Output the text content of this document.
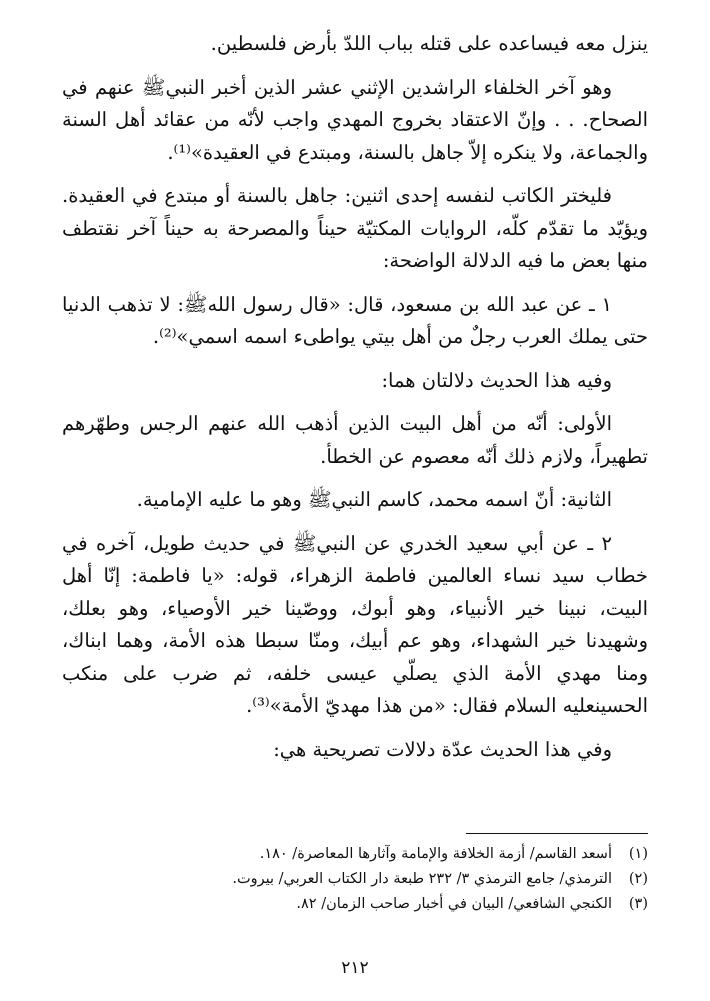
ينزل معه فيساعده على قتله بباب اللدّ بأرض فلسطين.

وهو آخر الخلفاء الراشدين الإثني عشر الذين أخبر النبيﷺ عنهم في الصحاح. . . وإنّ الاعتقاد بخروج المهدي واجب لأنّه من عقائد أهل السنة والجماعة، ولا ينكره إلاّ جاهل بالسنة، ومبتدع في العقيدة»⁽¹⁾.

فليختر الكاتب لنفسه إحدى اثنين: جاهل بالسنة أو مبتدع في العقيدة. ويؤيّد ما تقدّم كلّه، الروايات المكتيّة حيناً والمصرحة به حيناً آخر نقتطف منها بعض ما فيه الدلالة الواضحة:

١ ـ عن عبد الله بن مسعود، قال: «قال رسول اللهﷺ: لا تذهب الدنيا حتى يملك العرب رجلٌ من أهل بيتي يواطىء اسمه اسمي»⁽²⁾.

وفيه هذا الحديث دلالتان هما:

الأولى: أنّه من أهل البيت الذين أذهب الله عنهم الرجس وطهّرهم تطهيراً، ولازم ذلك أنّه معصوم عن الخطأ.

الثانية: أنّ اسمه محمد، كاسم النبيﷺ وهو ما عليه الإمامية.

٢ ـ عن أبي سعيد الخدري عن النبيﷺ في حديث طويل، آخره في خطاب سيد نساء العالمين فاطمة الزهراء، قوله: «يا فاطمة: إنّا أهل البيت، نبينا خير الأنبياء، وهو أبوك، ووصّينا خير الأوصياء، وهو بعلك، وشهيدنا خير الشهداء، وهو عم أبيك، ومنّا سبطا هذه الأمة، وهما ابناك، ومنا مهدي الأمة الذي يصلّي عيسى خلفه، ثم ضرب على منكب الحسينعليه السلام فقال: «من هذا مهديّ الأمة»⁽³⁾.

وفي هذا الحديث عدّة دلالات تصريحية هي:

(١)
أسعد القاسم/ أزمة الخلافة والإمامة وآثارها المعاصرة/ ١٨٠.
(٢)
الترمذي/ جامع الترمذي ٣/ ٢٣٢ طبعة دار الكتاب العربي/ بيروت.
(٣)
الكنجي الشافعي/ البيان في أخبار صاحب الزمان/ ٨٢.
٢١٢
